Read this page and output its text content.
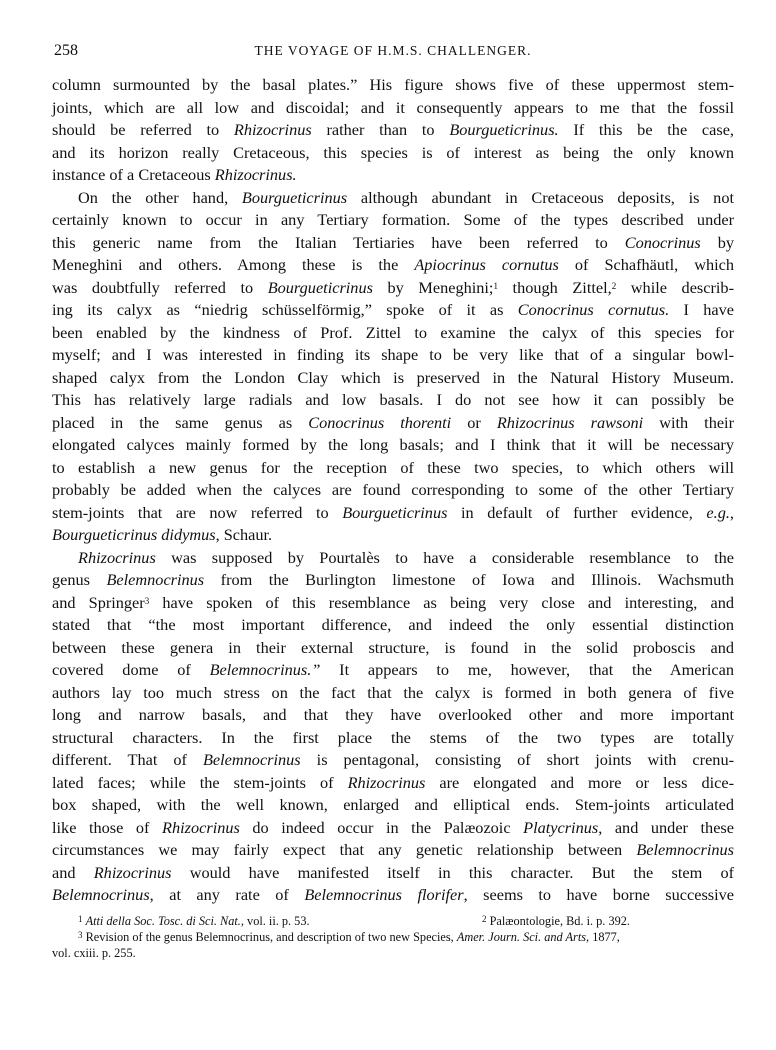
258	THE VOYAGE OF H.M.S. CHALLENGER.
column surmounted by the basal plates.” His figure shows five of these uppermost stem-
joints, which are all low and discoidal; and it consequently appears to me that the fossil
should be referred to Rhizocrinus rather than to Bourgueticrinus. If this be the case,
and its horizon really Cretaceous, this species is of interest as being the only known
instance of a Cretaceous Rhizocrinus.
On the other hand, Bourgueticrinus although abundant in Cretaceous deposits, is not
certainly known to occur in any Tertiary formation. Some of the types described under
this generic name from the Italian Tertiaries have been referred to Conocrinus by
Meneghini and others. Among these is the Apiocrinus cornutus of Schafhäutl, which
was doubtfully referred to Bourgueticrinus by Meneghini;$^1$ though Zittel,$^2$ while describ-
ing its calyx as “niedrig schüsselförmig,” spoke of it as Conocrinus cornutus. I have
been enabled by the kindness of Prof. Zittel to examine the calyx of this species for
myself; and I was interested in finding its shape to be very like that of a singular bowl-
shaped calyx from the London Clay which is preserved in the Natural History Museum.
This has relatively large radials and low basals. I do not see how it can possibly be
placed in the same genus as Conocrinus thorenti or Rhizocrinus rawsoni with their
elongated calyces mainly formed by the long basals; and I think that it will be necessary
to establish a new genus for the reception of these two species, to which others will
probably be added when the calyces are found corresponding to some of the other Tertiary
stem-joints that are now referred to Bourgueticrinus in default of further evidence, e.g.,
Bourgueticrinus didymus, Schaur.
Rhizocrinus was supposed by Pourtalès to have a considerable resemblance to the
genus Belemnocrinus from the Burlington limestone of Iowa and Illinois. Wachsmuth
and Springer$^3$ have spoken of this resemblance as being very close and interesting, and
stated that “the most important difference, and indeed the only essential distinction
between these genera in their external structure, is found in the solid proboscis and
covered dome of Belemnocrinus.” It appears to me, however, that the American
authors lay too much stress on the fact that the calyx is formed in both genera of five
long and narrow basals, and that they have overlooked other and more important
structural characters. In the first place the stems of the two types are totally
different. That of Belemnocrinus is pentagonal, consisting of short joints with crenu-
lated faces; while the stem-joints of Rhizocrinus are elongated and more or less dice-
box shaped, with the well known, enlarged and elliptical ends. Stem-joints articulated
like those of Rhizocrinus do indeed occur in the Palæozoic Platycrinus, and under these
circumstances we may fairly expect that any genetic relationship between Belemnocrinus
and Rhizocrinus would have manifested itself in this character. But the stem of
Belemnocrinus, at any rate of Belemnocrinus florifer, seems to have borne successive
$^1$ Atti della Soc. Tosc. di Sci. Nat., vol. ii. p. 53.	$^2$ Palæontologie, Bd. i. p. 392.
$^3$ Revision of the genus Belemnocrinus, and description of two new Species, Amer. Journ. Sci. and Arts, 1877,
vol. cxiii. p. 255.
